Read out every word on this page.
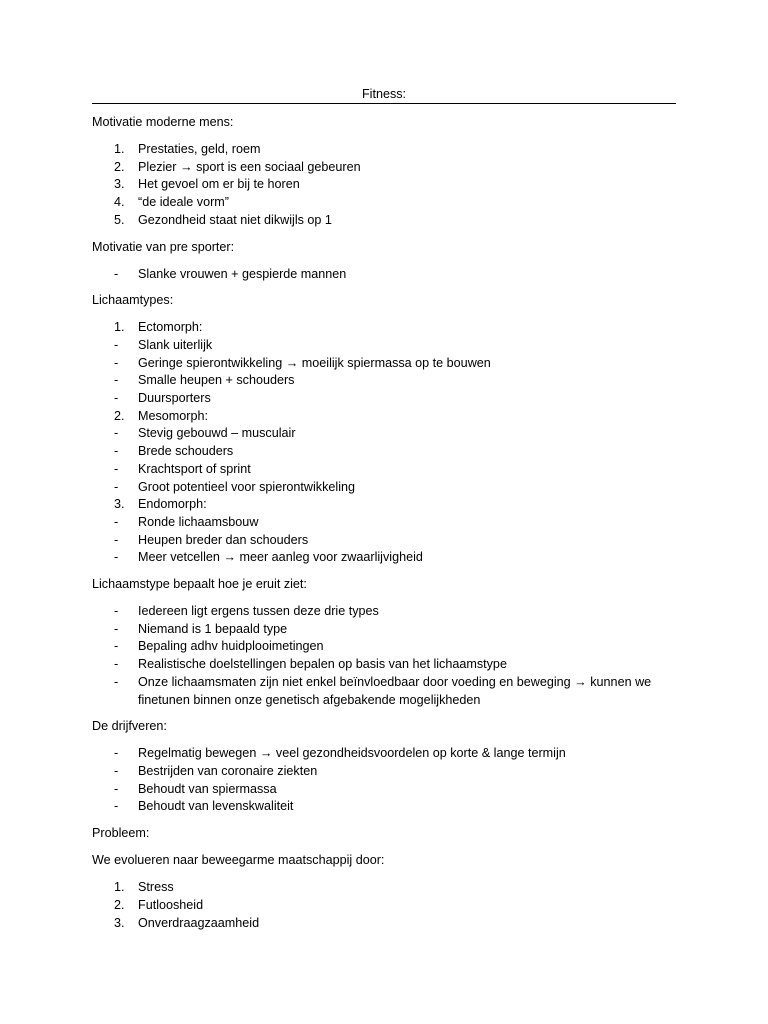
Fitness:
Motivatie moderne mens:
1. Prestaties, geld, roem
2. Plezier → sport is een sociaal gebeuren
3. Het gevoel om er bij te horen
4. “de ideale vorm”
5. Gezondheid staat niet dikwijls op 1
Motivatie van pre sporter:
- Slanke vrouwen + gespierde mannen
Lichaamtypes:
1. Ectomorph:
- Slank uiterlijk
- Geringe spierontwikkeling → moeilijk spiermassa op te bouwen
- Smalle heupen + schouders
- Duursporters
2. Mesomorph:
- Stevig gebouwd – musculair
- Brede schouders
- Krachtsport of sprint
- Groot potentieel voor spierontwikkeling
3. Endomorph:
- Ronde lichaamsbouw
- Heupen breder dan schouders
- Meer vetcellen → meer aanleg voor zwaarlijvigheid
Lichaamstype bepaalt hoe je eruit ziet:
- Iedereen ligt ergens tussen deze drie types
- Niemand is 1 bepaald type
- Bepaling adhv huidplooimetingen
- Realistische doelstellingen bepalen op basis van het lichaamstype
- Onze lichaamsmaten zijn niet enkel beïnvloedbaar door voeding en beweging → kunnen we finetunen binnen onze genetisch afgebakende mogelijkheden
De drijfveren:
- Regelmatig bewegen → veel gezondheidsvoordelen op korte & lange termijn
- Bestrijden van coronaire ziekten
- Behoudt van spiermassa
- Behoudt van levenskwaliteit
Probleem:
We evolueren naar beweegarme maatschappij door:
1. Stress
2. Futloosheid
3. Onverdraagzaamheid
